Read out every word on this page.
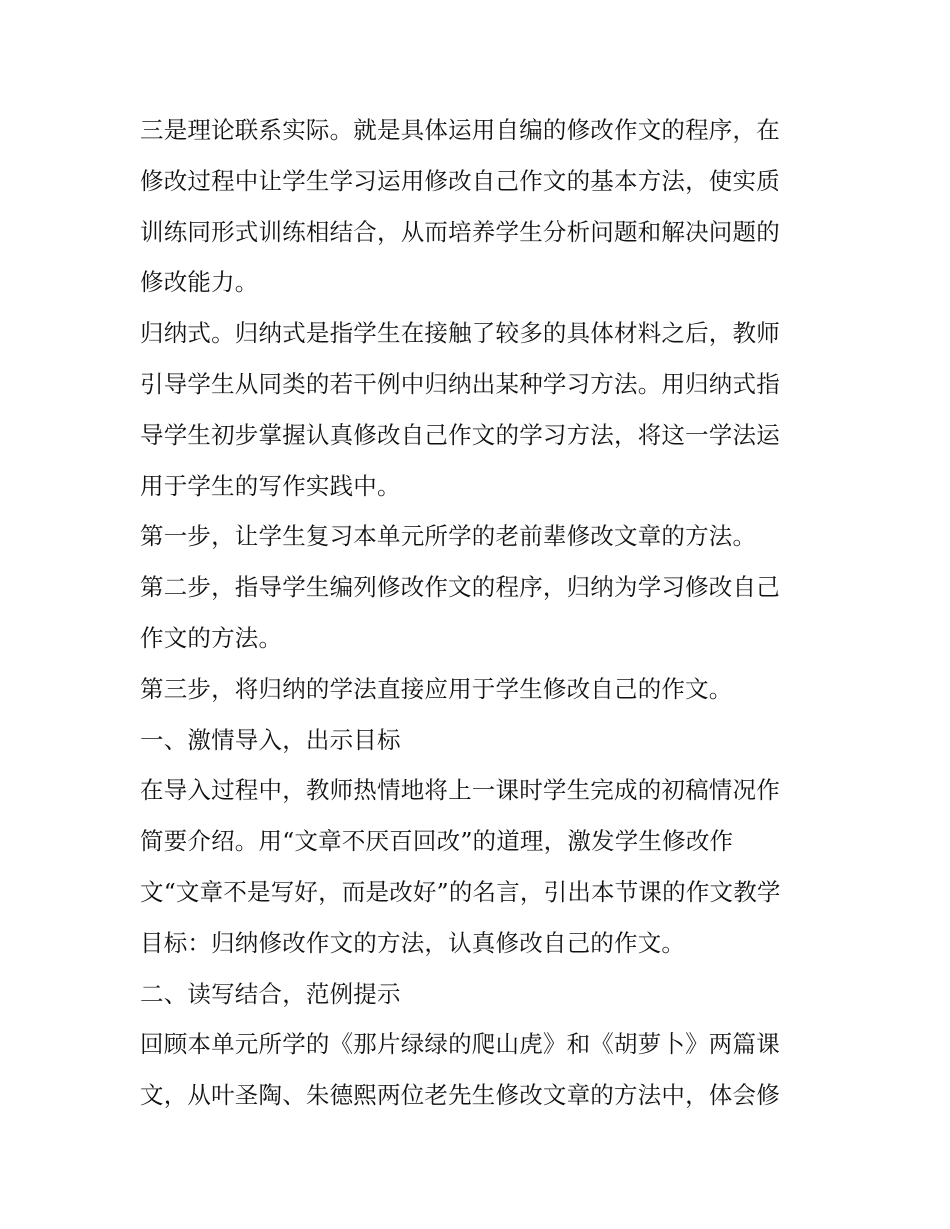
三是理论联系实际。就是具体运用自编的修改作文的程序，在
修改过程中让学生学习运用修改自己作文的基本方法，使实质
训练同形式训练相结合，从而培养学生分析问题和解决问题的
修改能力。
归纳式。归纳式是指学生在接触了较多的具体材料之后，教师
引导学生从同类的若干例中归纳出某种学习方法。用归纳式指
导学生初步掌握认真修改自己作文的学习方法，将这一学法运
用于学生的写作实践中。
第一步，让学生复习本单元所学的老前辈修改文章的方法。
第二步，指导学生编列修改作文的程序，归纳为学习修改自己
作文的方法。
第三步，将归纳的学法直接应用于学生修改自己的作文。
一、激情导入，出示目标
在导入过程中，教师热情地将上一课时学生完成的初稿情况作
简要介绍。用“文章不厌百回改”的道理，激发学生修改作
文“文章不是写好，而是改好”的名言，引出本节课的作文教学
目标：归纳修改作文的方法，认真修改自己的作文。
二、读写结合，范例提示
回顾本单元所学的《那片绿绿的爬山虎》和《胡萝卜》两篇课
文，从叶圣陶、朱德熙两位老先生修改文章的方法中，体会修
